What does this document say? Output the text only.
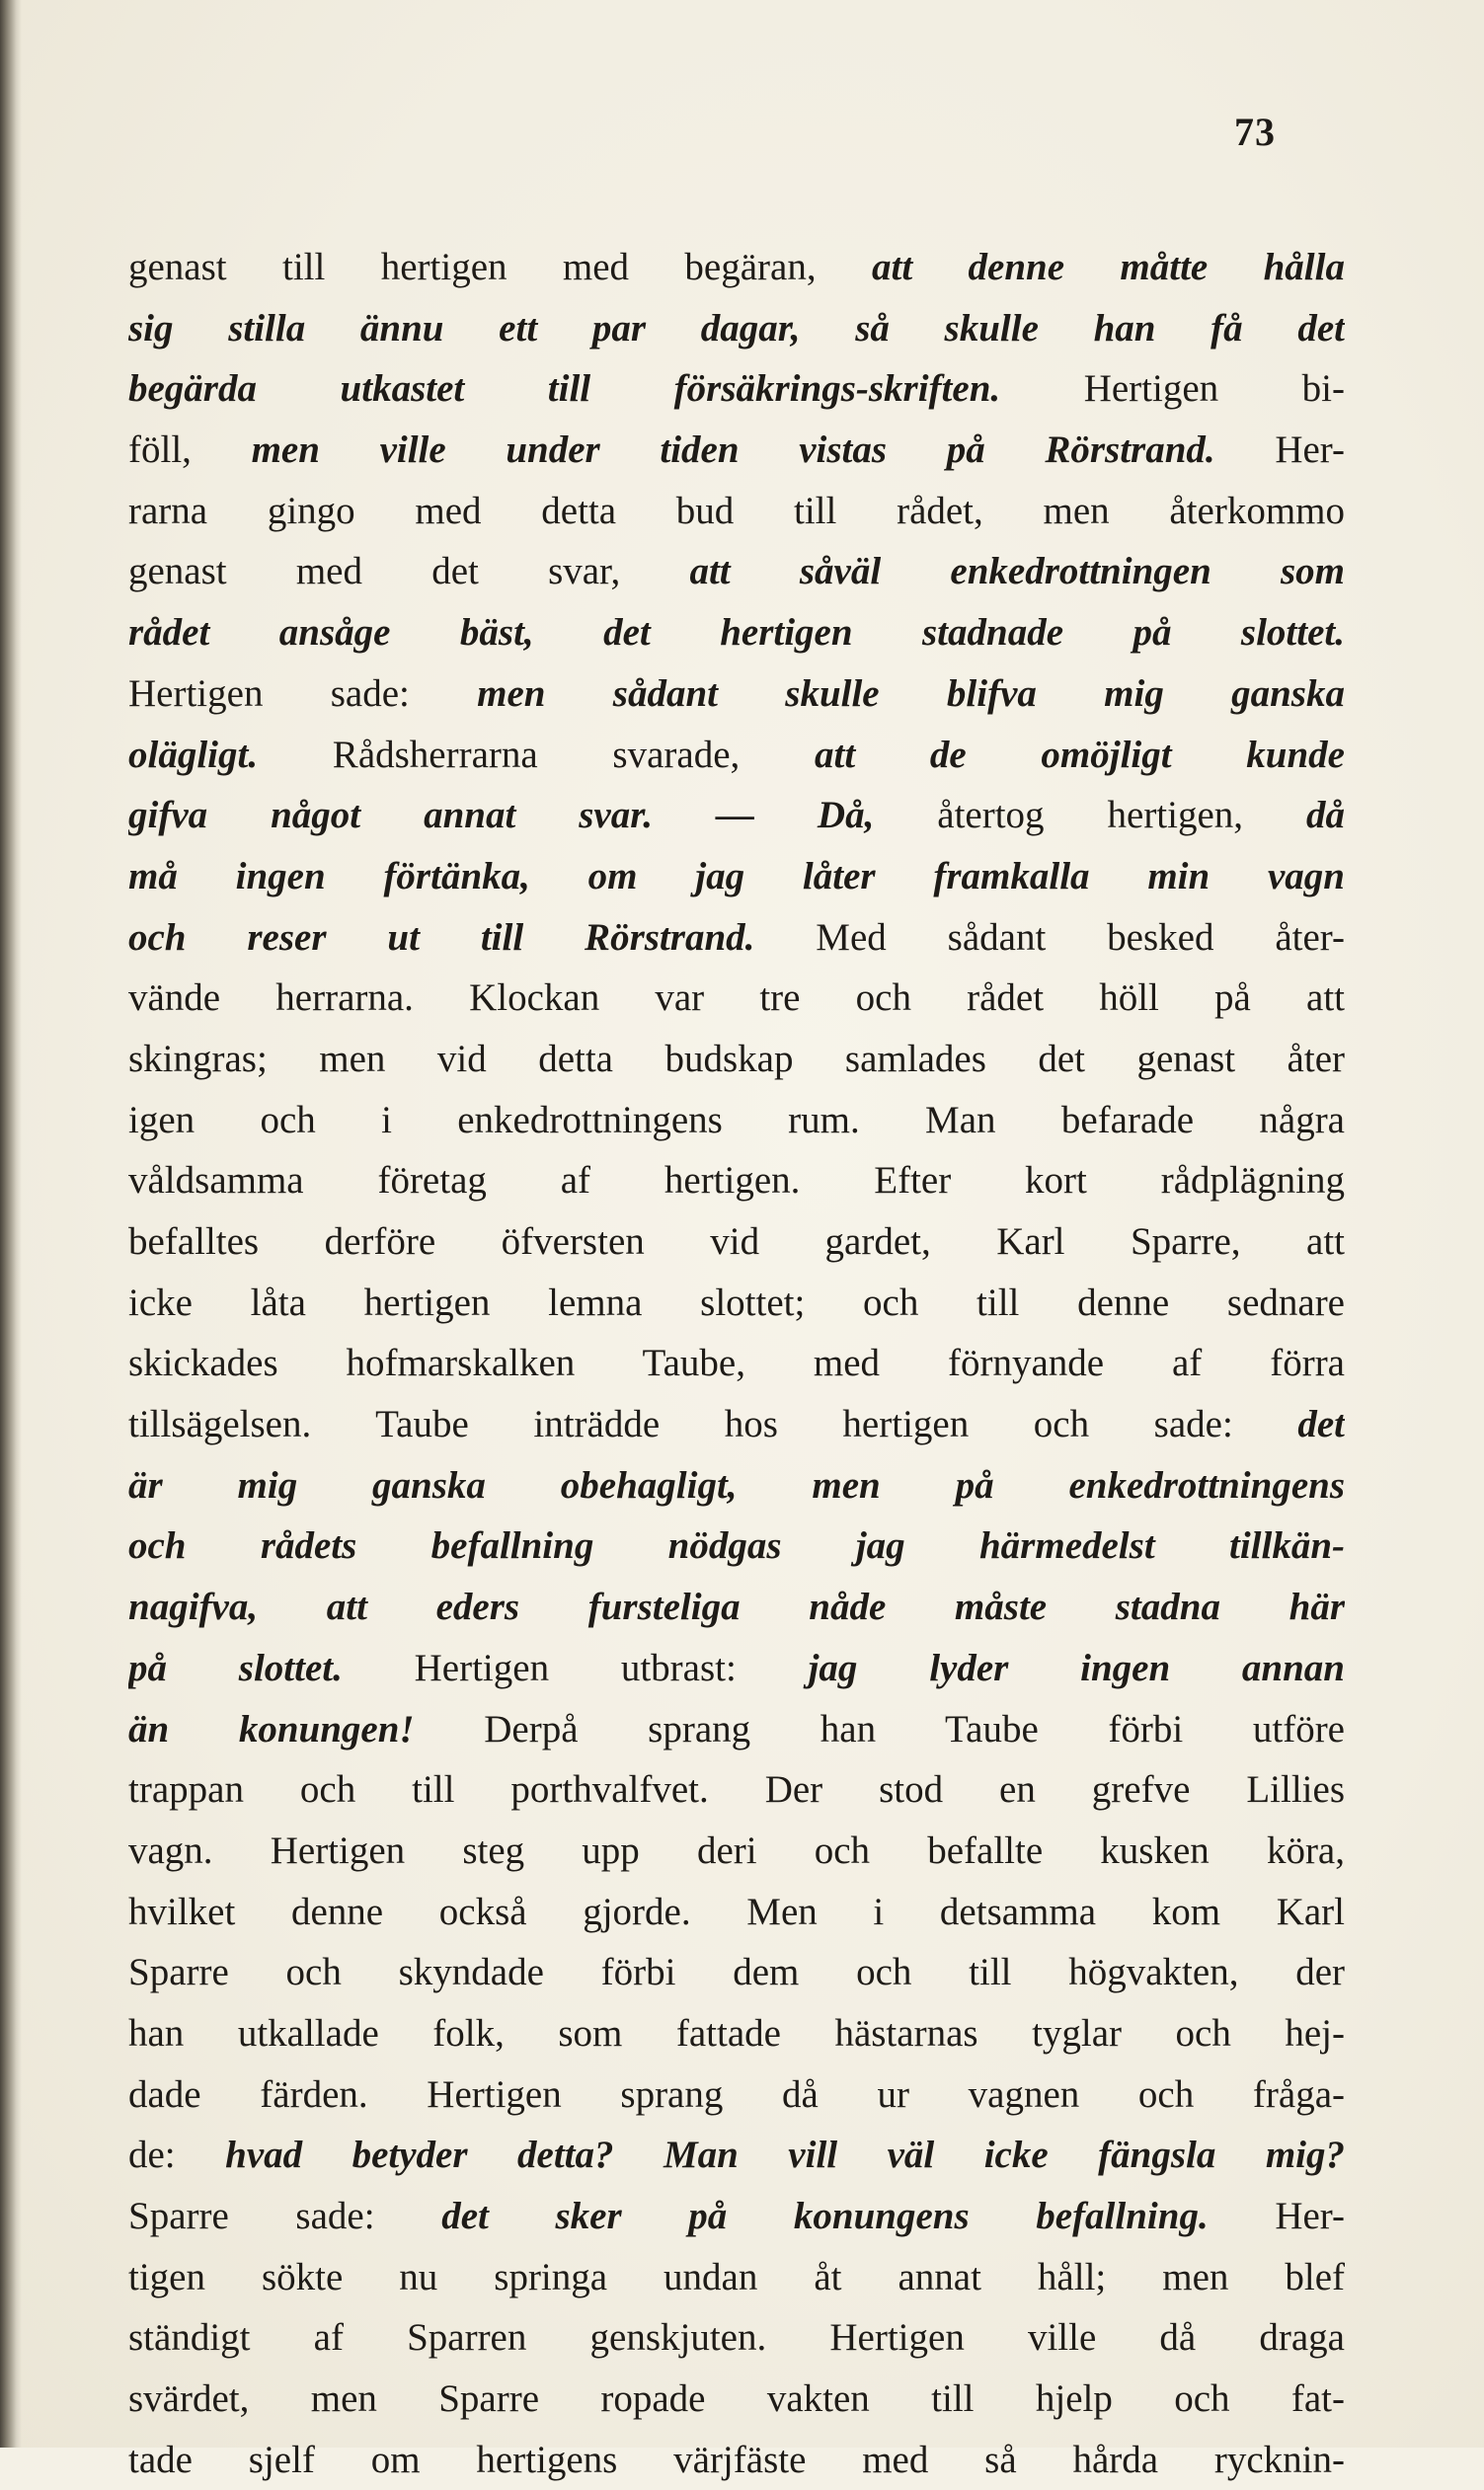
73
genast till hertigen med begäran, att denne måtte hålla
sig stilla ännu ett par dagar, så skulle han få det
begärda utkastet till försäkrings-skriften. Hertigen bi-
föll, men ville under tiden vistas på Rörstrand. Her-
rarna gingo med detta bud till rådet, men återkommo
genast med det svar, att såväl enkedrottningen som
rådet ansåge bäst, det hertigen stadnade på slottet.
Hertigen sade: men sådant skulle blifva mig ganska
olägligt. Rådsherrarna svarade, att de omöjligt kunde
gifva något annat svar. — Då, återtog hertigen, då
må ingen förtänka, om jag låter framkalla min vagn
och reser ut till Rörstrand. Med sådant besked åter-
vände herrarna. Klockan var tre och rådet höll på att
skingras; men vid detta budskap samlades det genast åter
igen och i enkedrottningens rum. Man befarade några
våldsamma företag af hertigen. Efter kort rådplägning
befalltes derföre öfversten vid gardet, Karl Sparre, att
icke låta hertigen lemna slottet; och till denne sednare
skickades hofmarskalken Taube, med förnyande af förra
tillsägelsen. Taube inträdde hos hertigen och sade: det
är mig ganska obehagligt, men på enkedrottningens
och rådets befallning nödgas jag härmedelst tillkän-
nagifva, att eders fursteliga nåde måste stadna här
på slottet. Hertigen utbrast: jag lyder ingen annan
än konungen! Derpå sprang han Taube förbi utföre
trappan och till porthvalfvet. Der stod en grefve Lillies
vagn. Hertigen steg upp deri och befallte kusken köra,
hvilket denne också gjorde. Men i detsamma kom Karl
Sparre och skyndade förbi dem och till högvakten, der
han utkallade folk, som fattade hästarnas tyglar och hej-
dade färden. Hertigen sprang då ur vagnen och fråga-
de: hvad betyder detta? Man vill väl icke fängsla mig?
Sparre sade: det sker på konungens befallning. Her-
tigen sökte nu springa undan åt annat håll; men blef
ständigt af Sparren genskjuten. Hertigen ville då draga
svärdet, men Sparre ropade vakten till hjelp och fat-
tade sjelf om hertigens värjfäste med så hårda rycknin-
